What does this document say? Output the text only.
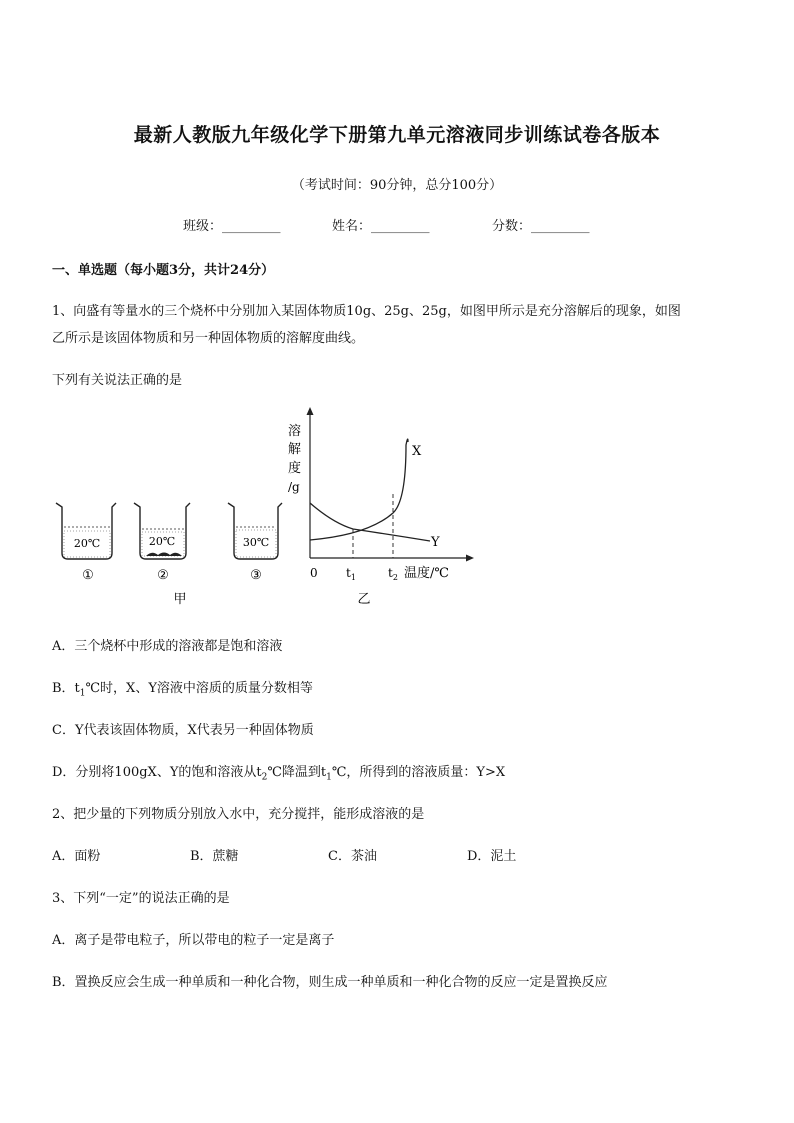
最新人教版九年级化学下册第九单元溶液同步训练试卷各版本
（考试时间：90分钟，总分100分）
班级：_________	姓名：_________	分数：_________
一、单选题（每小题3分，共计24分）
1、向盛有等量水的三个烧杯中分别加入某固体物质10g、25g、25g，如图甲所示是充分溶解后的现象，如图
乙所示是该固体物质和另一种固体物质的溶解度曲线。
下列有关说法正确的是
20℃
①
20℃
②
30℃
③
甲
溶
解
度
/g
X
Y
0 $t_1$	$t_2$ 温度/℃
乙
A．三个烧杯中形成的溶液都是饱和溶液
B．$t_1℃$时，X、Y溶液中溶质的质量分数相等
C．Y代表该固体物质，X代表另一种固体物质
D．分别将100gX、Y的饱和溶液从$t_2℃$降温到$t_1℃$，所得到的溶液质量：Y>X
2、把少量的下列物质分别放入水中，充分搅拌，能形成溶液的是
A．面粉	B．蔗糖	C．茶油	D．泥土
3、下列“一定”的说法正确的是
A．离子是带电粒子，所以带电的粒子一定是离子
B．置换反应会生成一种单质和一种化合物，则生成一种单质和一种化合物的反应一定是置换反应
